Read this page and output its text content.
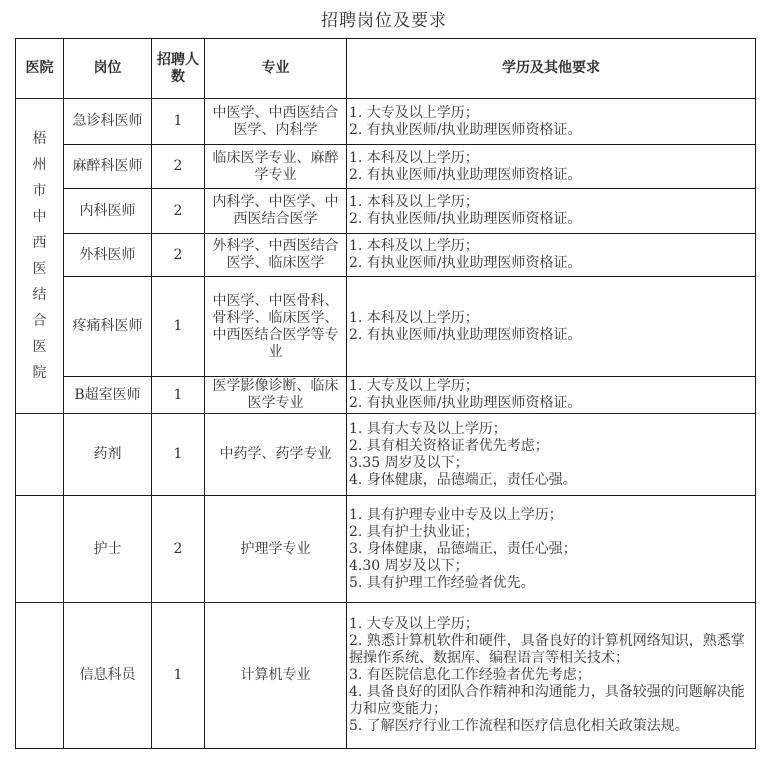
招聘岗位及要求
医院	岗位	招聘人数	专业	学历及其他要求

梧
州
市
中
西
医
结
合
医
院
	急诊科医师	1	中医学、中西医结合医学、内科学	
1. 大专及以上学历；
2. 有执业医师/执业助理医师资格证。

	麻醉科医师	2	临床医学专业、麻醉学专业	1. 本科及以上学历；
2. 有执业医师/执业助理医师资格证。

	内科医师	2	内科学、中医学、中西医结合医学	1. 本科及以上学历；
2. 有执业医师/执业助理医师资格证。

	外科医师	2	外科学、中西医结合医学、临床医学	1. 本科及以上学历；
2. 有执业医师/执业助理医师资格证。

	疼痛科医师	1	中医学、中医骨科、骨科学、临床医学、中西医结合医学等专业	1. 本科及以上学历；
2. 有执业医师/执业助理医师资格证。

	B超室医师	1	医学影像诊断、临床医学专业	1. 大专及以上学历；
2. 有执业医师/执业助理医师资格证。

	药剂	1	中药学、药学专业	1. 具有大专及以上学历；
2. 具有相关资格证者优先考虑；
3.35 周岁及以下；
4. 身体健康，品德端正，责任心强。

	护士	2	护理学专业	1. 具有护理专业中专及以上学历；
2. 具有护士执业证；
3. 身体健康，品德端正，责任心强；
4.30 周岁及以下；
5. 具有护理工作经验者优先。

	信息科员	1	计算机专业	1. 大专及以上学历；
2. 熟悉计算机软件和硬件，具备良好的计算机网络知识，熟悉掌握操作系统、数据库、编程语言等相关技术；
3. 有医院信息化工作经验者优先考虑；
4. 具备良好的团队合作精神和沟通能力，具备较强的问题解决能力和应变能力；
5. 了解医疗行业工作流程和医疗信息化相关政策法规。
